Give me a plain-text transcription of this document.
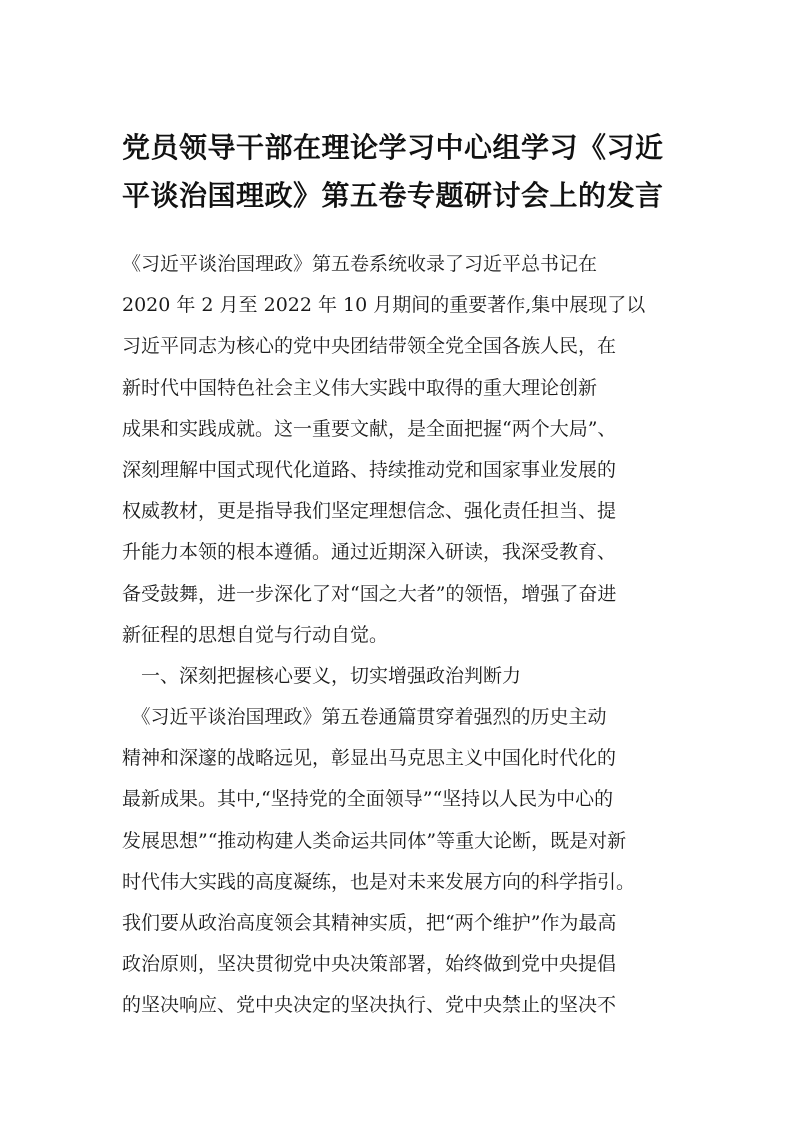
党员领导干部在理论学习中心组学习《习近
平谈治国理政》第五卷专题研讨会上的发言
《习近平谈治国理政》第五卷系统收录了习近平总书记在
2020 年 2 月至 2022 年 10 月期间的重要著作,集中展现了以
习近平同志为核心的党中央团结带领全党全国各族人民，在
新时代中国特色社会主义伟大实践中取得的重大理论创新
成果和实践成就。这一重要文献，是全面把握“两个大局”、
深刻理解中国式现代化道路、持续推动党和国家事业发展的
权威教材，更是指导我们坚定理想信念、强化责任担当、提
升能力本领的根本遵循。通过近期深入研读，我深受教育、
备受鼓舞，进一步深化了对“国之大者”的领悟，增强了奋进
新征程的思想自觉与行动自觉。
　一、深刻把握核心要义，切实增强政治判断力
　《习近平谈治国理政》第五卷通篇贯穿着强烈的历史主动
精神和深邃的战略远见，彰显出马克思主义中国化时代化的
最新成果。其中,“坚持党的全面领导”“坚持以人民为中心的
发展思想”“推动构建人类命运共同体”等重大论断，既是对新
时代伟大实践的高度凝练，也是对未来发展方向的科学指引。
我们要从政治高度领会其精神实质，把“两个维护”作为最高
政治原则，坚决贯彻党中央决策部署，始终做到党中央提倡
的坚决响应、党中央决定的坚决执行、党中央禁止的坚决不
